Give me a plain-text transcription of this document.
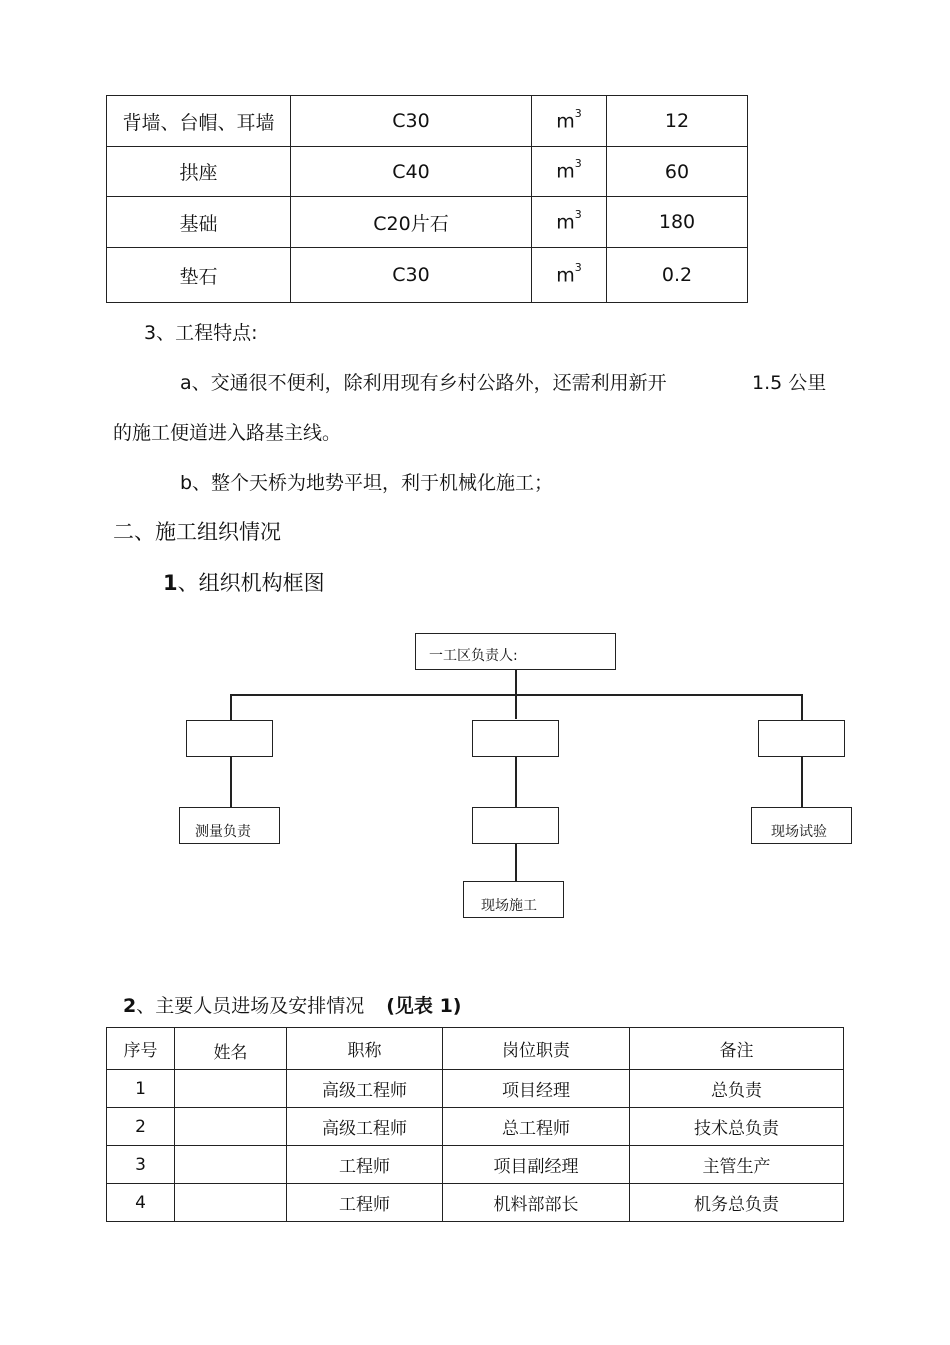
背墙、台帽、耳墙	C30	$m^3$	12
拱座	C40	$m^3$	60
基础	C20片石	$m^3$	180
垫石	C30	$m^3$	0.2
3、工程特点:
a、交通很不便利，除利用现有乡村公路外，还需利用新开	1.5 公里
的施工便道进入路基主线。
b、整个天桥为地势平坦，利于机械化施工；
二、施工组织情况
1、组织机构框图
一工区负责人:
测量负责
现场施工
现场试验
2、主要人员进场及安排情况 (见表 1)
序号	姓名	职称	岗位职责	备注
1		高级工程师	项目经理	总负责
2		高级工程师	总工程师	技术总负责
3		工程师	项目副经理	主管生产
4		工程师	机料部部长	机务总负责
